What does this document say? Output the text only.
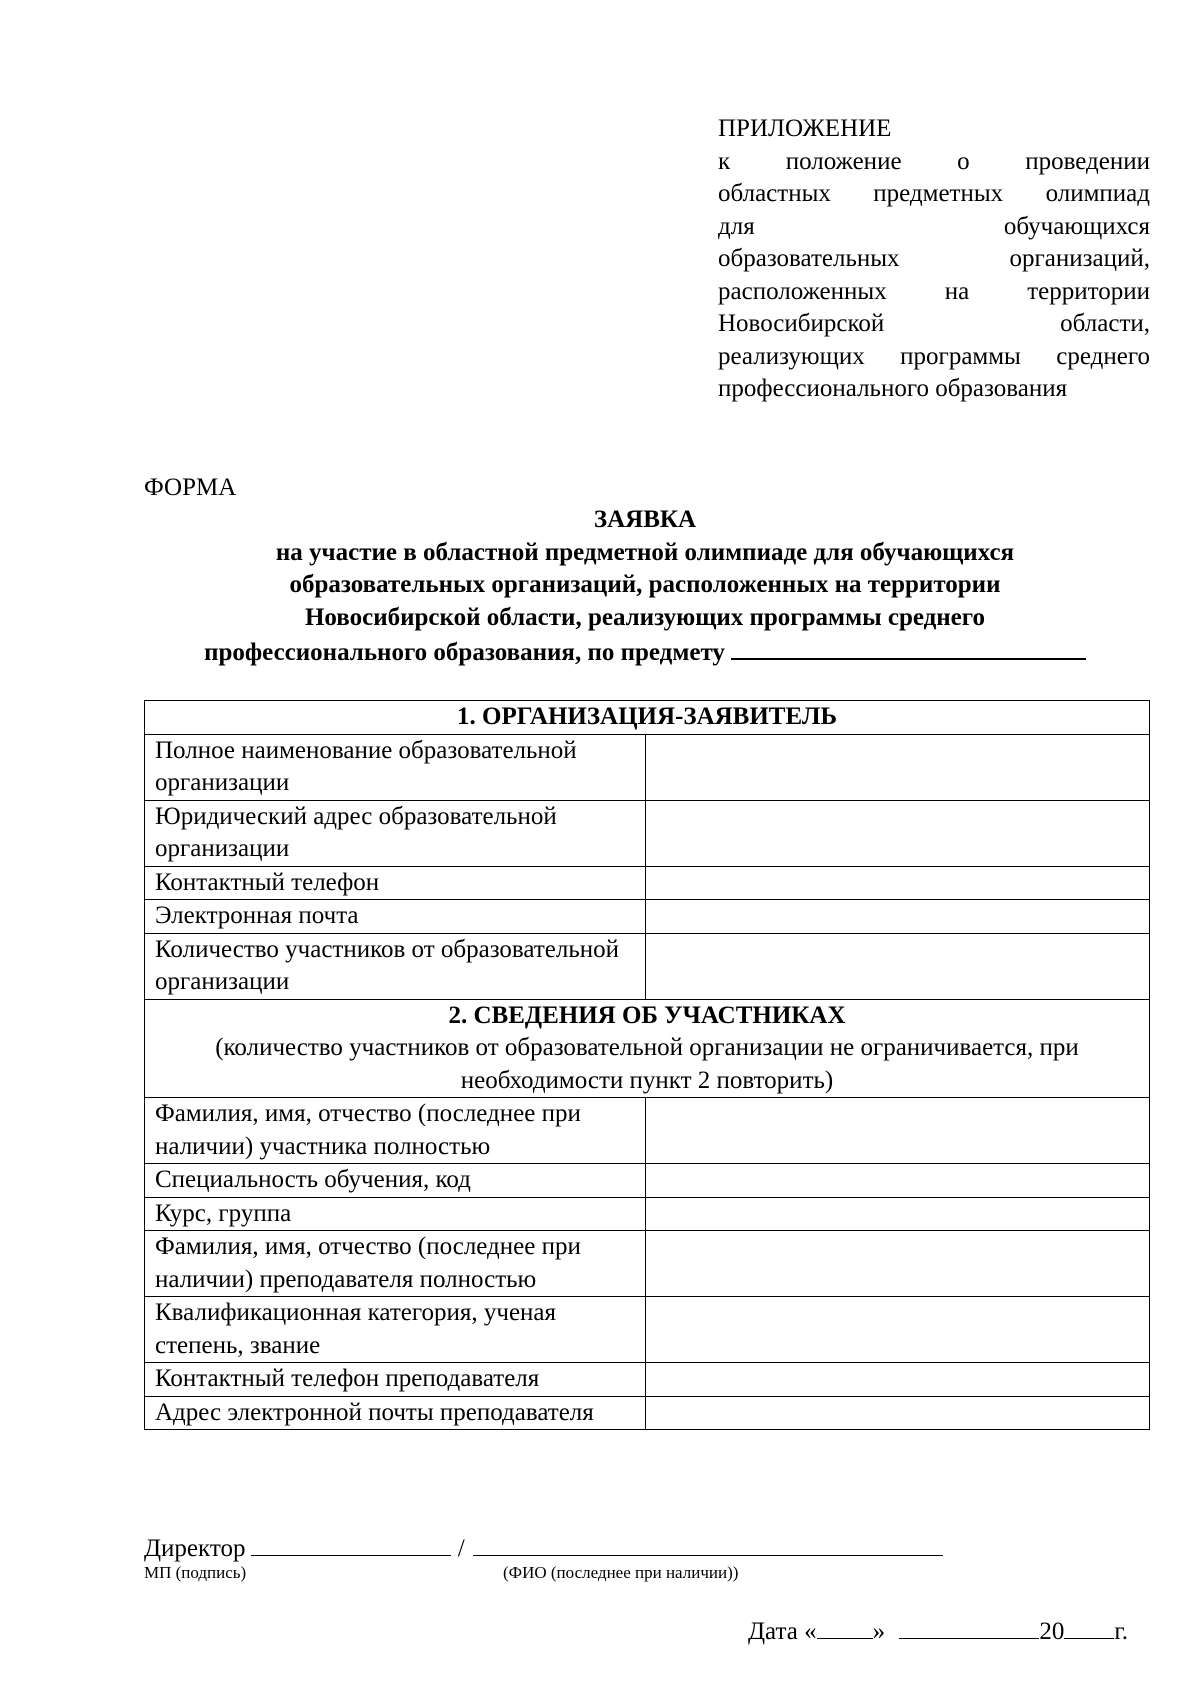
ПРИЛОЖЕНИЕ
к положение о проведении
областных предметных олимпиад
для обучающихся
образовательных организаций,
расположенных на территории
Новосибирской области,
реализующих программы среднего
профессионального образования
ФОРМА
ЗАЯВКА
на участие в областной предметной олимпиаде для обучающихся
образовательных организаций, расположенных на территории
Новосибирской области, реализующих программы среднего
профессионального образования, по предмету
1. ОРГАНИЗАЦИЯ-ЗАЯВИТЕЛЬ	
Полное наименование образовательной организации	
Юридический адрес образовательной организации	
Контактный телефон	
Электронная почта	
Количество участников от образовательной организации	
2. СВЕДЕНИЯ ОБ УЧАСТНИКАХ
(количество участников от образовательной организации не ограничивается, при необходимости пункт 2 повторить)	

Фамилия, имя, отчество (последнее при наличии) участника полностью	
Специальность обучения, код	
Курс, группа	
Фамилия, имя, отчество (последнее при наличии) преподавателя полностью	
Квалификационная категория, ученая степень, звание	
Контактный телефон преподавателя	
Адрес электронной почты преподавателя	
Директор	/
МП (подпись)	(ФИО (последнее при наличии))
Дата « »	20 г.
